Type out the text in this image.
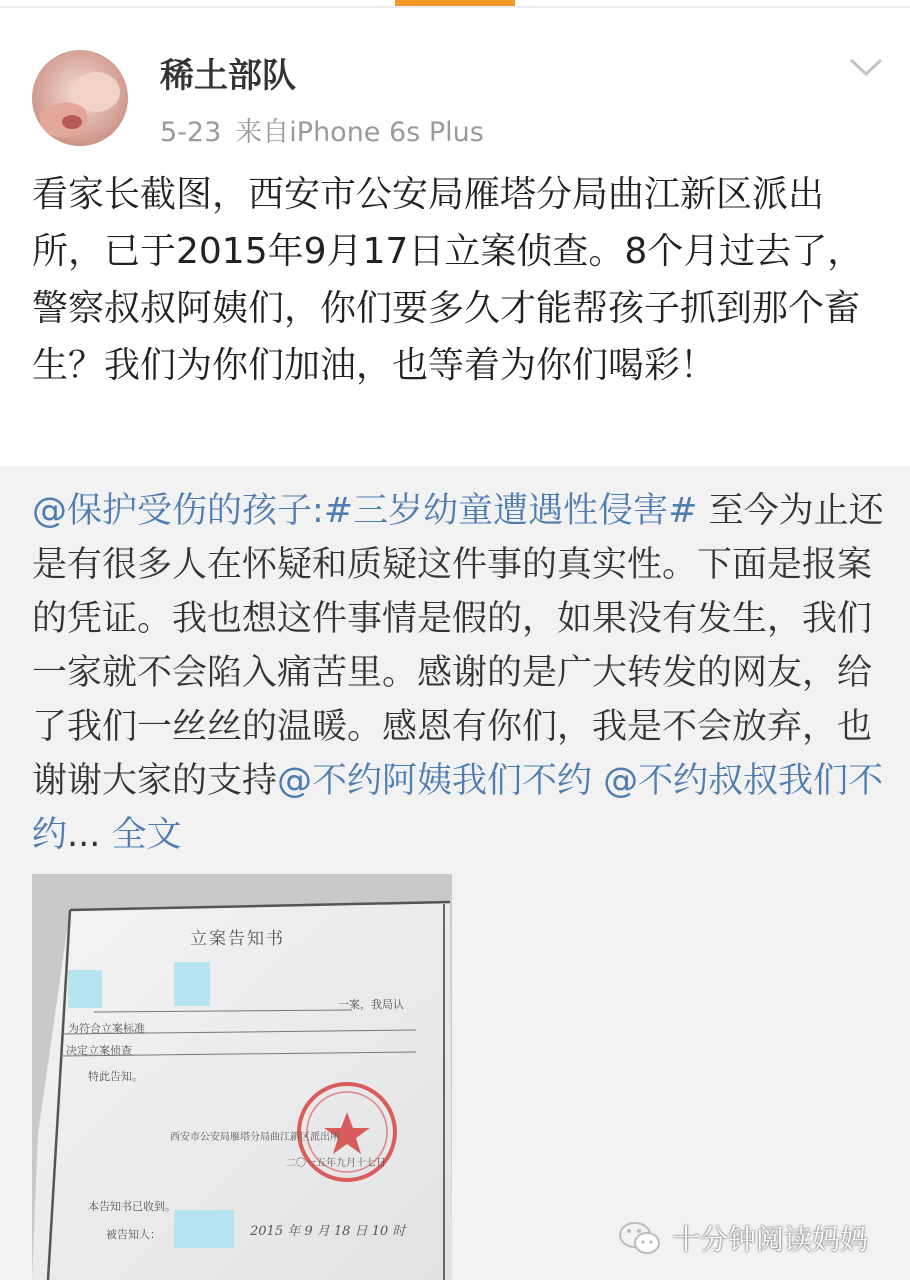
稀土部队
5-23 来自iPhone 6s Plus

看家长截图，西安市公安局雁塔分局曲江新区派出所，已于2015年9月17日立案侦查。8个月过去了，警察叔叔阿姨们，你们要多久才能帮孩子抓到那个畜生？我们为你们加油，也等着为你们喝彩！

@保护受伤的孩子:#三岁幼童遭遇性侵害# 至今为止还是有很多人在怀疑和质疑这件事的真实性。下面是报案的凭证。我也想这件事情是假的，如果没有发生，我们一家就不会陷入痛苦里。感谢的是广大转发的网友，给了我们一丝丝的温暖。感恩有你们，我是不会放弃，也谢谢大家的支持@不约阿姨我们不约 @不约叔叔我们不约... 全文

立案告知书
一案，我局认
为符合立案标准
决定立案侦查
特此告知。
西安市公安局雁塔分局曲江新区派出所
二〇一五年九月十七日
本告知书已收到。
被告知人：	2015 年 9 月 18 日 10 时	十分钟阅读妈妈
